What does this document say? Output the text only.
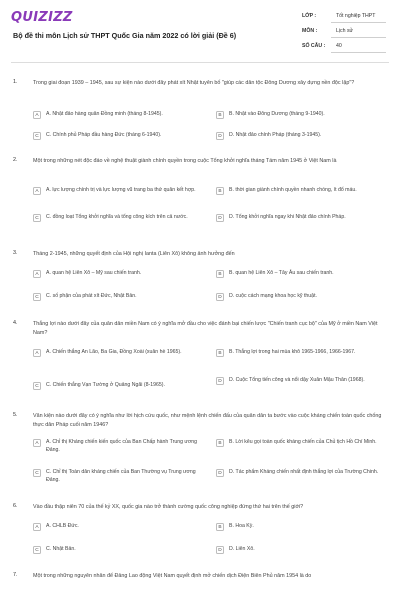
QUIZIZZ
Bộ đề thi môn Lịch sử THPT Quốc Gia năm 2022 có lời giải (Đề 6)
LỚP :	Tốt nghiệp THPT
MÔN :	Lịch sử
SỐ CÂU :	40
1.	Trong giai đoạn 1939 – 1945, sau sự kiện nào dưới đây phát xít Nhật tuyên bố "giúp các dân tộc Đông Dương xây dựng nền độc lập"?
A	A. Nhật đảo hàng quân Đồng minh (tháng 8-1945).	B	B. Nhật vào Đông Dương (tháng 9-1940).
C	C. Chính phủ Pháp đầu hàng Đức (tháng 6-1940).	D	D. Nhật đảo chính Pháp (tháng 3-1945).
2.	Một trong những nét độc đáo về nghệ thuật giành chính quyền trong cuộc Tổng khởi nghĩa tháng Tám năm 1945 ở Việt Nam là
A	A. lực lượng chính trị và lực lượng vũ trang ba thứ quân kết hợp.	B	B. thời gian giành chính quyền nhanh chóng, ít đổ máu.
C	C. đồng loạt Tổng khởi nghĩa và tổng công kích trên cả nước.	D	D. Tổng khởi nghĩa ngay khi Nhật đảo chính Pháp.
3.	Tháng 2-1945, những quyết định của Hội nghị Ianta (Liên Xô) không ảnh hưởng đến
A	A. quan hệ Liên Xô – Mỹ sau chiến tranh.	B	B. quan hệ Liên Xô – Tây Âu sau chiến tranh.
C	C. số phận của phát xít Đức, Nhật Bản.	D	D. cuộc cách mạng khoa học kỹ thuật.
4.	Thắng lợi nào dưới đây của quân dân miền Nam có ý nghĩa mở đầu cho việc đánh bại chiến lược "Chiến tranh cục bộ" của Mỹ ở miền Nam Việt Nam?
A	A. Chiến thắng An Lão, Ba Gia, Đồng Xoài (xuân hè 1965).	B	B. Thắng lợi trong hai mùa khô 1965-1966, 1966-1967.
C	C. Chiến thắng Vạn Tường ở Quảng Ngãi (8-1965).
D	D. Cuộc Tổng tiến công và nổi dậy Xuân Mậu Thân (1968).
5.	Văn kiện nào dưới đây có ý nghĩa như lời hịch cứu quốc, như mệnh lệnh chiến đấu của quân dân ta bước vào cuộc kháng chiến toàn quốc chống thực dân Pháp cuối năm 1946?
A	A. Chỉ thị Kháng chiến kiến quốc của Ban Chấp hành Trung ương Đảng.
B	B. Lời kêu gọi toàn quốc kháng chiến của Chủ tịch Hồ Chí Minh.
C	C. Chỉ thị Toàn dân kháng chiến của Ban Thường vụ Trung ương Đảng.
D	D. Tác phẩm Kháng chiến nhất định thắng lợi của Trường Chinh.
6.	Vào đầu thập niên 70 của thế kỷ XX, quốc gia nào trở thành cường quốc công nghiệp đứng thứ hai trên thế giới?
A	A. CHLB Đức.	B	B. Hoa Kỳ.
C	C. Nhật Bản.	D	D. Liên Xô.
7.	Một trong những nguyên nhân để Đảng Lao động Việt Nam quyết định mở chiến dịch Điện Biên Phủ năm 1954 là do
